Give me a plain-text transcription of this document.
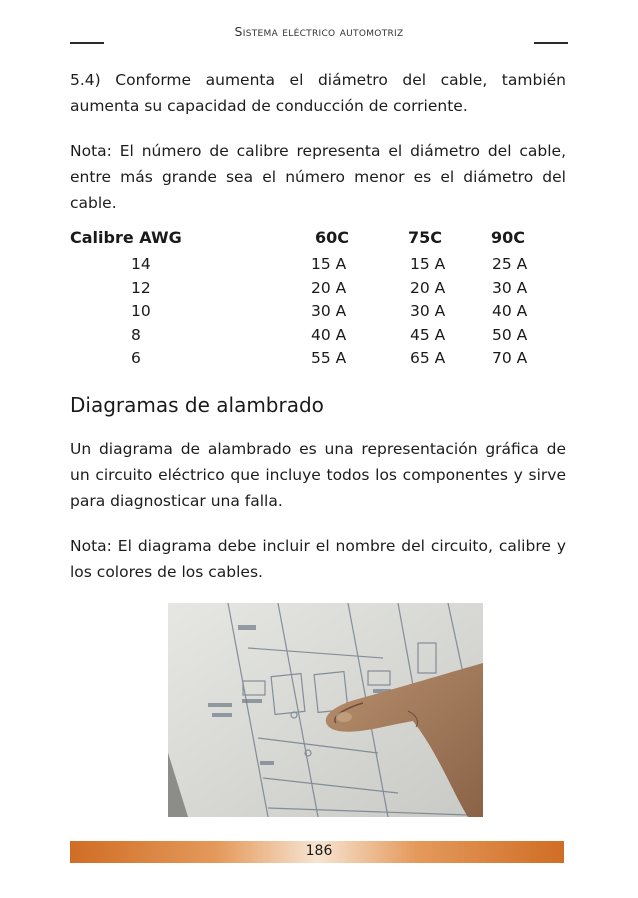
Sistema eléctrico automotriz
5.4) Conforme aumenta el diámetro del cable, también aumenta su capacidad de conducción de corriente.
Nota: El número de calibre representa el diámetro del cable, entre más grande sea el número menor es el diámetro del cable.
Calibre AWG	60C	75C	90C
14	15 A	15 A	25 A
12	20 A	20 A	30 A
10	30 A	30 A	40 A
8	40 A	45 A	50 A
6	55 A	65 A	70 A
Diagramas de alambrado
Un diagrama de alambrado es una representación gráfica de un circuito eléctrico que incluye todos los componentes y sirve para diagnosticar una falla.
Nota: El diagrama debe incluir el nombre del circuito, calibre y los colores de los cables.
186
